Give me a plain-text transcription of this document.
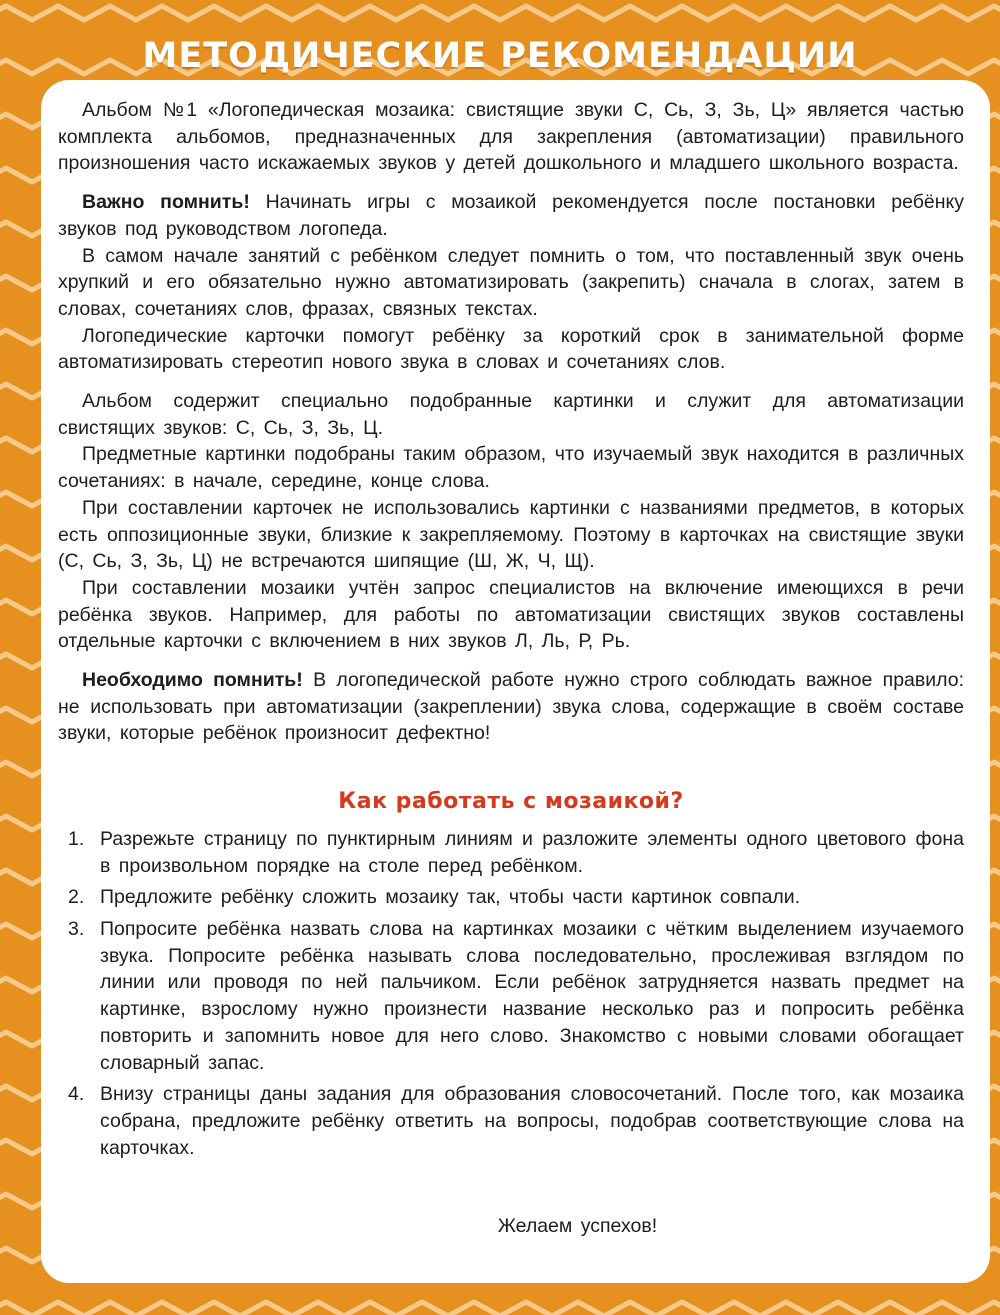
МЕТОДИЧЕСКИЕ РЕКОМЕНДАЦИИ

Альбом №1 «Логопедическая мозаика: свистящие звуки С, Сь, З, Зь, Ц» является частью комплекта альбомов, предназначенных для закрепления (автоматизации) правильного произношения часто искажаемых звуков у детей дошкольного и младшего школьного возраста.

Важно помнить! Начинать игры с мозаикой рекомендуется после постановки ребёнку звуков под руководством логопеда.

В самом начале занятий с ребёнком следует помнить о том, что поставленный звук очень хрупкий и его обязательно нужно автоматизировать (закрепить) сначала в слогах, затем в словах, сочетаниях слов, фразах, связных текстах.

Логопедические карточки помогут ребёнку за короткий срок в занимательной форме автоматизировать стереотип нового звука в словах и сочетаниях слов.

Альбом содержит специально подобранные картинки и служит для автоматизации свистящих звуков: С, Сь, З, Зь, Ц.

Предметные картинки подобраны таким образом, что изучаемый звук находится в различных сочетаниях: в начале, середине, конце слова.

При составлении карточек не использовались картинки с названиями предметов, в которых есть оппозиционные звуки, близкие к закрепляемому. Поэтому в карточках на свистящие звуки (С, Сь, З, Зь, Ц) не встречаются шипящие (Ш, Ж, Ч, Щ).

При составлении мозаики учтён запрос специалистов на включение имеющихся в речи ребёнка звуков. Например, для работы по автоматизации свистящих звуков составлены отдельные карточки с включением в них звуков Л, Ль, Р, Рь.

Необходимо помнить! В логопедической работе нужно строго соблюдать важное правило: не использовать при автоматизации (закреплении) звука слова, содержащие в своём составе звуки, которые ребёнок произносит дефектно!

Как работать с мозаикой?
1. Разрежьте страницу по пунктирным линиям и разложите элементы одного цветового фона в произвольном порядке на столе перед ребёнком.
2. Предложите ребёнку сложить мозаику так, чтобы части картинок совпали.
3. Попросите ребёнка назвать слова на картинках мозаики с чётким выделением изучаемого звука. Попросите ребёнка называть слова последовательно, прослеживая взглядом по линии или проводя по ней пальчиком. Если ребёнок затрудняется назвать предмет на картинке, взрослому нужно произнести название несколько раз и попросить ребёнка повторить и запомнить новое для него слово. Знакомство с новыми словами обогащает словарный запас.
4. Внизу страницы даны задания для образования словосочетаний. После того, как мозаика собрана, предложите ребёнку ответить на вопросы, подобрав соответствующие слова на карточках.
Желаем успехов!
